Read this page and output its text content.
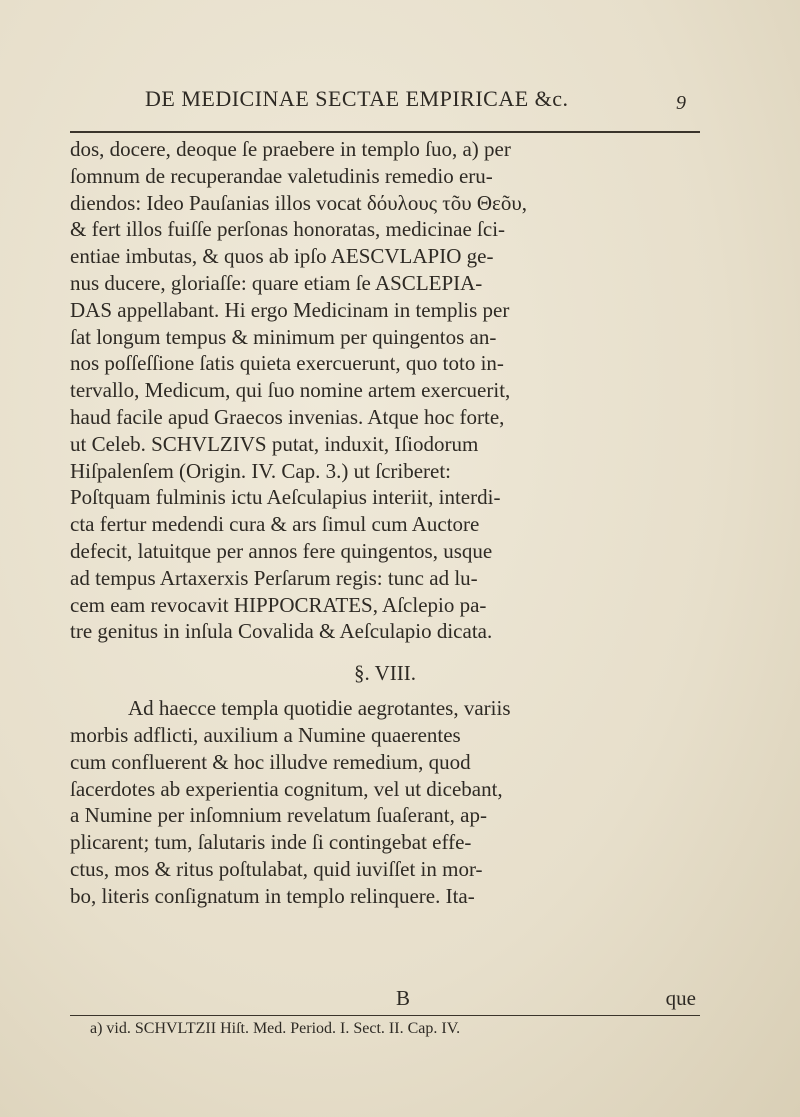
DE MEDICINAE SECTAE EMPIRICAE &c.	9
dos, docere, deoque ſe praebere in templo ſuo, a) per
ſomnum de recuperandae valetudinis remedio eru-
diendos: Ideo Pauſanias illos vocat δόυλους τõυ Θεõυ,
& fert illos fuiſſe perſonas honoratas, medicinae ſci-
entiae imbutas, & quos ab ipſo AESCVLAPIO ge-
nus ducere, gloriaſſe: quare etiam ſe ASCLEPIA-
DAS appellabant. Hi ergo Medicinam in templis per
ſat longum tempus & minimum per quingentos an-
nos poſſeſſione ſatis quieta exercuerunt, quo toto in-
tervallo, Medicum, qui ſuo nomine artem exercuerit,
haud facile apud Graecos invenias. Atque hoc forte,
ut Celeb. SCHVLZIVS putat, induxit, Iſiodorum
Hiſpalenſem (Origin. IV. Cap. 3.) ut ſcriberet:
Poſtquam fulminis ictu Aeſculapius interiit, interdi-
cta fertur medendi cura & ars ſimul cum Auctore
defecit, latuitque per annos fere quingentos, usque
ad tempus Artaxerxis Perſarum regis: tunc ad lu-
cem eam revocavit HIPPOCRATES, Aſclepio pa-
tre genitus in inſula Covalida & Aeſculapio dicata.
§. VIII.
Ad haecce templa quotidie aegrotantes, variis
morbis adflicti, auxilium a Numine quaerentes
cum confluerent & hoc illudve remedium, quod
ſacerdotes ab experientia cognitum, vel ut dicebant,
a Numine per inſomnium revelatum ſuaſerant, ap-
plicarent; tum, ſalutaris inde ſi contingebat effe-
ctus, mos & ritus poſtulabat, quid iuviſſet in mor-
bo, literis conſignatum in templo relinquere. Ita-
B	que
a) vid. SCHVLTZII Hiſt. Med. Period. I. Sect. II. Cap. IV.
